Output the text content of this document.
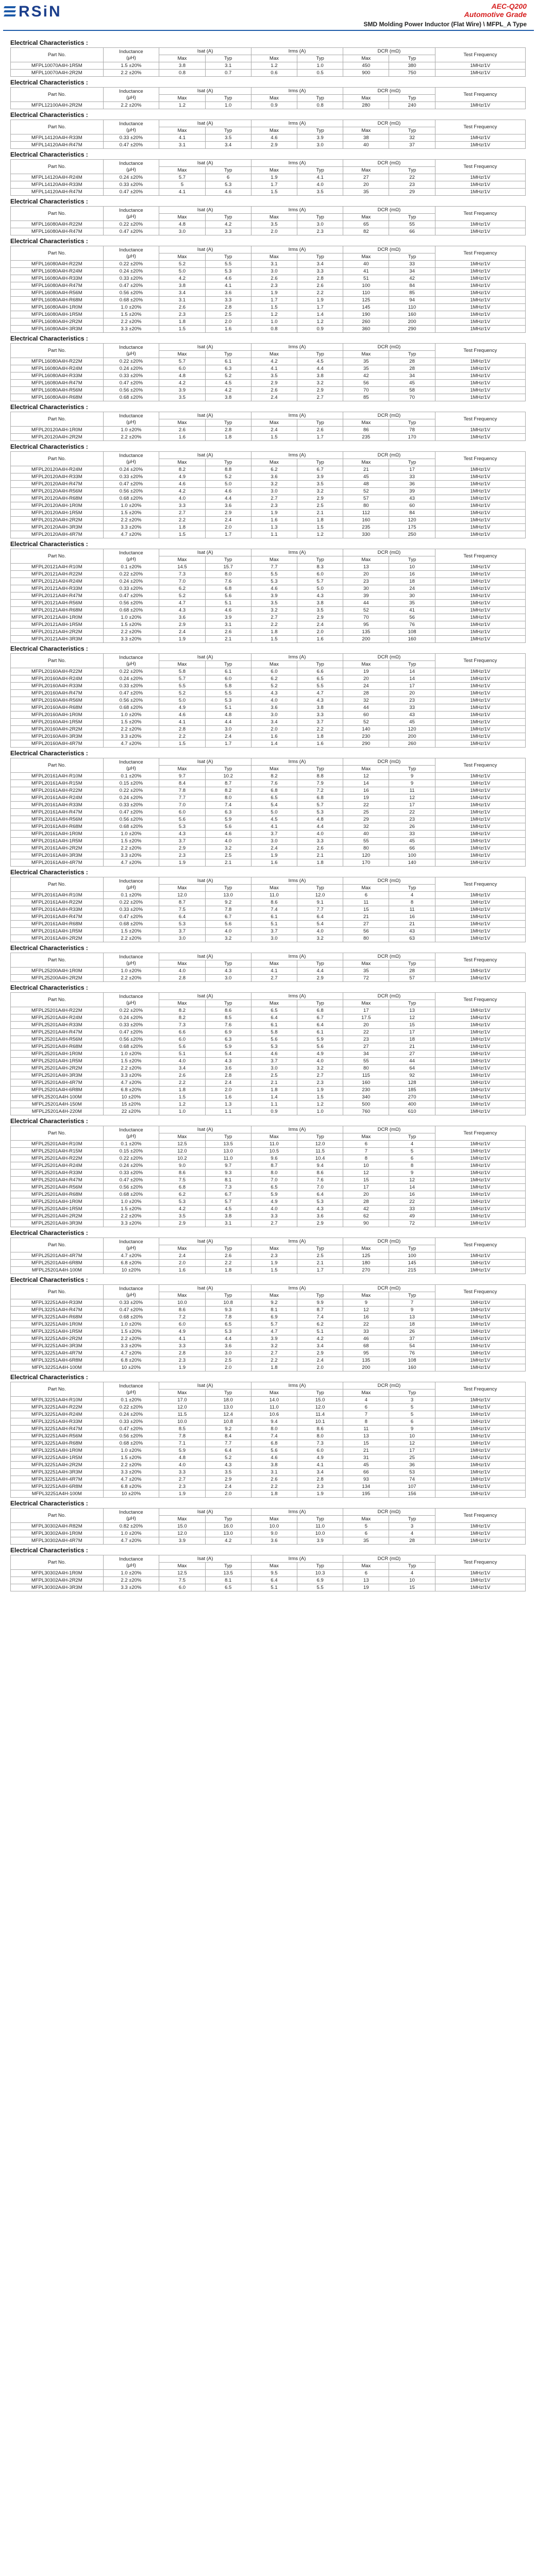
RSiN	AEC-Q200
Automotive Grade
SMD Molding Power Inductor (Flat Wire) \ MFPL_A Type
Electrical Characteristics :
Part No.	Inductance
(μH)	Isat (A)		Irms (A)		DCR (mΩ)		Test Frequency
		Max	Typ	Max	Typ	Max	Typ	
MFPL10070A4H-1R5M	1.5 ±20%	3.8	3.1	1.2	1.0	450	380	1MHz/1V
MFPL10070A4H-2R2M	2.2 ±20%	0.8	0.7	0.6	0.5	900	750	1MHz/1V
Electrical Characteristics :
Part No.	Inductance
(μH)	Isat (A)		Irms (A)		DCR (mΩ)		Test Frequency
		Max	Typ	Max	Typ	Max	Typ	
MFPL12100A4H-2R2M	2.2 ±20%	1.2	1.0	0.9	0.8	280	240	1MHz/1V
Electrical Characteristics :
Part No.	Inductance
(μH)	Isat (A)		Irms (A)		DCR (mΩ)		Test Frequency
		Max	Typ	Max	Typ	Max	Typ	
MFPL14120A4H-R33M	0.33 ±20%	4.1	3.5	4.6	3.9	38	32	1MHz/1V
MFPL14120A4H-R47M	0.47 ±20%	3.1	3.4	2.9	3.0	40	37	1MHz/1V
Electrical Characteristics :
Part No.	Inductance
(μH)	Isat (A)		Irms (A)		DCR (mΩ)		Test Frequency
		Max	Typ	Max	Typ	Max	Typ	
MFPL14120A4H-R24M	0.24 ±20%	5.7	6	1.9	4.1	27	22	1MHz/1V
MFPL14120A4H-R33M	0.33 ±20%	5	5.3	1.7	4.0	20	23	1MHz/1V
MFPL14120A4H-R47M	0.47 ±20%	4.1	4.6	1.5	3.5	35	29	1MHz/1V
Electrical Characteristics :
Part No.	Inductance
(μH)	Isat (A)		Irms (A)		DCR (mΩ)		Test Frequency
		Max	Typ	Max	Typ	Max	Typ	
MFPL16080A4H-R22M	0.22 ±20%	4.8	4.2	3.5	3.0	65	55	1MHz/1V
MFPL16080A4H-R47M	0.47 ±20%	3.0	3.3	2.0	2.3	82	66	1MHz/1V
Electrical Characteristics :
Part No.	Inductance
(μH)	Isat (A)		Irms (A)		DCR (mΩ)		Test Frequency
		Max	Typ	Max	Typ	Max	Typ	
MFPL16080A4H-R22M	0.22 ±20%	5.2	5.5	3.1	3.4	40	33	1MHz/1V
MFPL16080A4H-R24M	0.24 ±20%	5.0	5.3	3.0	3.3	41	34	1MHz/1V
MFPL16080A4H-R33M	0.33 ±20%	4.2	4.6	2.6	2.8	51	42	1MHz/1V
MFPL16080A4H-R47M	0.47 ±20%	3.8	4.1	2.3	2.6	100	84	1MHz/1V
MFPL16080A4H-R56M	0.56 ±20%	3.4	3.6	1.9	2.2	110	85	1MHz/1V
MFPL16080A4H-R68M	0.68 ±20%	3.1	3.3	1.7	1.9	125	94	1MHz/1V
MFPL16080A4H-1R0M	1.0 ±20%	2.6	2.8	1.5	1.7	145	110	1MHz/1V
MFPL16080A4H-1R5M	1.5 ±20%	2.3	2.5	1.2	1.4	190	160	1MHz/1V
MFPL16080A4H-2R2M	2.2 ±20%	1.8	2.0	1.0	1.2	260	200	1MHz/1V
MFPL16080A4H-3R3M	3.3 ±20%	1.5	1.6	0.8	0.9	360	290	1MHz/1V
Electrical Characteristics :
Part No.	Inductance
(μH)	Isat (A)		Irms (A)		DCR (mΩ)		Test Frequency
		Max	Typ	Max	Typ	Max	Typ	
MFPL16080A4H-R22M	0.22 ±20%	5.7	6.1	4.2	4.5	35	28	1MHz/1V
MFPL16080A4H-R24M	0.24 ±20%	6.0	6.3	4.1	4.4	35	28	1MHz/1V
MFPL16080A4H-R33M	0.33 ±20%	4.8	5.2	3.5	3.8	42	34	1MHz/1V
MFPL16080A4H-R47M	0.47 ±20%	4.2	4.5	2.9	3.2	56	45	1MHz/1V
MFPL16080A4H-R56M	0.56 ±20%	3.9	4.2	2.6	2.9	70	58	1MHz/1V
MFPL16080A4H-R68M	0.68 ±20%	3.5	3.8	2.4	2.7	85	70	1MHz/1V
Electrical Characteristics :
Part No.	Inductance
(μH)	Isat (A)		Irms (A)		DCR (mΩ)		Test Frequency
		Max	Typ	Max	Typ	Max	Typ	
MFPL20120A4H-1R0M	1.0 ±20%	2.6	2.8	2.4	2.6	86	78	1MHz/1V
MFPL20120A4H-2R2M	2.2 ±20%	1.6	1.8	1.5	1.7	235	170	1MHz/1V
Electrical Characteristics :
Part No.	Inductance
(μH)	Isat (A)		Irms (A)		DCR (mΩ)		Test Frequency
		Max	Typ	Max	Typ	Max	Typ	
MFPL20120A4H-R24M	0.24 ±20%	8.2	8.8	6.2	6.7	21	17	1MHz/1V
MFPL20120A4H-R33M	0.33 ±20%	4.9	5.2	3.6	3.9	45	33	1MHz/1V
MFPL20120A4H-R47M	0.47 ±20%	4.6	5.0	3.2	3.5	48	36	1MHz/1V
MFPL20120A4H-R56M	0.56 ±20%	4.2	4.6	3.0	3.2	52	39	1MHz/1V
MFPL20120A4H-R68M	0.68 ±20%	4.0	4.4	2.7	2.9	57	43	1MHz/1V
MFPL20120A4H-1R0M	1.0 ±20%	3.3	3.6	2.3	2.5	80	60	1MHz/1V
MFPL20120A4H-1R5M	1.5 ±20%	2.7	2.9	1.9	2.1	112	84	1MHz/1V
MFPL20120A4H-2R2M	2.2 ±20%	2.2	2.4	1.6	1.8	160	120	1MHz/1V
MFPL20120A4H-3R3M	3.3 ±20%	1.8	2.0	1.3	1.5	235	175	1MHz/1V
MFPL20120A4H-4R7M	4.7 ±20%	1.5	1.7	1.1	1.2	330	250	1MHz/1V
Electrical Characteristics :
Part No.	Inductance
(μH)	Isat (A)		Irms (A)		DCR (mΩ)		Test Frequency
		Max	Typ	Max	Typ	Max	Typ	
MFPL20121A4H-R10M	0.1 ±20%	14.5	15.7	7.7	8.3	13	10	1MHz/1V
MFPL20121A4H-R22M	0.22 ±20%	7.3	8.0	5.5	6.0	20	16	1MHz/1V
MFPL20121A4H-R24M	0.24 ±20%	7.0	7.6	5.3	5.7	23	18	1MHz/1V
MFPL20121A4H-R33M	0.33 ±20%	6.2	6.8	4.6	5.0	30	24	1MHz/1V
MFPL20121A4H-R47M	0.47 ±20%	5.2	5.6	3.9	4.3	39	30	1MHz/1V
MFPL20121A4H-R56M	0.56 ±20%	4.7	5.1	3.5	3.8	44	35	1MHz/1V
MFPL20121A4H-R68M	0.68 ±20%	4.3	4.6	3.2	3.5	52	41	1MHz/1V
MFPL20121A4H-1R0M	1.0 ±20%	3.6	3.9	2.7	2.9	70	56	1MHz/1V
MFPL20121A4H-1R5M	1.5 ±20%	2.9	3.1	2.2	2.4	95	76	1MHz/1V
MFPL20121A4H-2R2M	2.2 ±20%	2.4	2.6	1.8	2.0	135	108	1MHz/1V
MFPL20121A4H-3R3M	3.3 ±20%	1.9	2.1	1.5	1.6	200	160	1MHz/1V
Electrical Characteristics :
Part No.	Inductance
(μH)	Isat (A)		Irms (A)		DCR (mΩ)		Test Frequency
		Max	Typ	Max	Typ	Max	Typ	
MFPL20160A4H-R22M	0.22 ±20%	5.8	6.1	6.0	6.6	19	14	1MHz/1V
MFPL20160A4H-R24M	0.24 ±20%	5.7	6.0	6.2	6.5	20	14	1MHz/1V
MFPL20160A4H-R33M	0.33 ±20%	5.5	5.8	5.2	5.5	24	17	1MHz/1V
MFPL20160A4H-R47M	0.47 ±20%	5.2	5.5	4.3	4.7	28	20	1MHz/1V
MFPL20160A4H-R56M	0.56 ±20%	5.0	5.3	4.0	4.3	32	23	1MHz/1V
MFPL20160A4H-R68M	0.68 ±20%	4.9	5.1	3.6	3.8	44	33	1MHz/1V
MFPL20160A4H-1R0M	1.0 ±20%	4.6	4.8	3.0	3.3	60	43	1MHz/1V
MFPL20160A4H-1R5M	1.5 ±20%	4.1	4.4	3.4	3.7	52	45	1MHz/1V
MFPL20160A4H-2R2M	2.2 ±20%	2.8	3.0	2.0	2.2	140	120	1MHz/1V
MFPL20160A4H-3R3M	3.3 ±20%	2.2	2.4	1.6	1.8	230	200	1MHz/1V
MFPL20160A4H-4R7M	4.7 ±20%	1.5	1.7	1.4	1.6	290	260	1MHz/1V
Electrical Characteristics :
Part No.	Inductance
(μH)	Isat (A)		Irms (A)		DCR (mΩ)		Test Frequency
		Max	Typ	Max	Typ	Max	Typ	
MFPL20161A4H-R10M	0.1 ±20%	9.7	10.2	8.2	8.8	12	9	1MHz/1V
MFPL20161A4H-R15M	0.15 ±20%	8.4	8.7	7.6	7.9	14	9	1MHz/1V
MFPL20161A4H-R22M	0.22 ±20%	7.8	8.2	6.8	7.2	16	11	1MHz/1V
MFPL20161A4H-R24M	0.24 ±20%	7.7	8.0	6.5	6.8	19	12	1MHz/1V
MFPL20161A4H-R33M	0.33 ±20%	7.0	7.4	5.4	5.7	22	17	1MHz/1V
MFPL20161A4H-R47M	0.47 ±20%	6.0	6.3	5.0	5.3	25	22	1MHz/1V
MFPL20161A4H-R56M	0.56 ±20%	5.6	5.9	4.5	4.8	29	23	1MHz/1V
MFPL20161A4H-R68M	0.68 ±20%	5.3	5.6	4.1	4.4	32	26	1MHz/1V
MFPL20161A4H-1R0M	1.0 ±20%	4.3	4.6	3.7	4.0	40	33	1MHz/1V
MFPL20161A4H-1R5M	1.5 ±20%	3.7	4.0	3.0	3.3	55	45	1MHz/1V
MFPL20161A4H-2R2M	2.2 ±20%	2.9	3.2	2.4	2.6	80	66	1MHz/1V
MFPL20161A4H-3R3M	3.3 ±20%	2.3	2.5	1.9	2.1	120	100	1MHz/1V
MFPL20161A4H-4R7M	4.7 ±20%	1.9	2.1	1.6	1.8	170	140	1MHz/1V
Electrical Characteristics :
Part No.	Inductance
(μH)	Isat (A)		Irms (A)		DCR (mΩ)		Test Frequency
		Max	Typ	Max	Typ	Max	Typ	
MFPL20161A4H-R10M	0.1 ±20%	12.0	13.0	11.0	12.0	6	4	1MHz/1V
MFPL20161A4H-R22M	0.22 ±20%	8.7	9.2	8.6	9.1	11	8	1MHz/1V
MFPL20161A4H-R33M	0.33 ±20%	7.5	7.8	7.4	7.7	15	11	1MHz/1V
MFPL20161A4H-R47M	0.47 ±20%	6.4	6.7	6.1	6.4	21	16	1MHz/1V
MFPL20161A4H-R68M	0.68 ±20%	5.3	5.6	5.1	5.4	27	21	1MHz/1V
MFPL20161A4H-1R5M	1.5 ±20%	3.7	4.0	3.7	4.0	56	43	1MHz/1V
MFPL20161A4H-2R2M	2.2 ±20%	3.0	3.2	3.0	3.2	80	63	1MHz/1V
Electrical Characteristics :
Part No.	Inductance
(μH)	Isat (A)		Irms (A)		DCR (mΩ)		Test Frequency
		Max	Typ	Max	Typ	Max	Typ	
MFPL25200A4H-1R0M	1.0 ±20%	4.0	4.3	4.1	4.4	35	28	1MHz/1V
MFPL25200A4H-2R2M	2.2 ±20%	2.8	3.0	2.7	2.9	72	57	1MHz/1V
Electrical Characteristics :
Part No.	Inductance
(μH)	Isat (A)		Irms (A)		DCR (mΩ)		Test Frequency
		Max	Typ	Max	Typ	Max	Typ	
MFPL25201A4H-R22M	0.22 ±20%	8.2	8.6	6.5	6.8	17	13	1MHz/1V
MFPL25201A4H-R24M	0.24 ±20%	8.2	8.5	6.4	6.7	17.5	12	1MHz/1V
MFPL25201A4H-R33M	0.33 ±20%	7.3	7.6	6.1	6.4	20	15	1MHz/1V
MFPL25201A4H-R47M	0.47 ±20%	6.6	6.9	5.8	6.1	22	17	1MHz/1V
MFPL25201A4H-R56M	0.56 ±20%	6.0	6.3	5.6	5.9	23	18	1MHz/1V
MFPL25201A4H-R68M	0.68 ±20%	5.6	5.9	5.3	5.6	27	21	1MHz/1V
MFPL25201A4H-1R0M	1.0 ±20%	5.1	5.4	4.6	4.9	34	27	1MHz/1V
MFPL25201A4H-1R5M	1.5 ±20%	4.0	4.3	3.7	4.0	55	44	1MHz/1V
MFPL25201A4H-2R2M	2.2 ±20%	3.4	3.6	3.0	3.2	80	64	1MHz/1V
MFPL25201A4H-3R3M	3.3 ±20%	2.6	2.8	2.5	2.7	115	92	1MHz/1V
MFPL25201A4H-4R7M	4.7 ±20%	2.2	2.4	2.1	2.3	160	128	1MHz/1V
MFPL25201A4H-6R8M	6.8 ±20%	1.8	2.0	1.8	1.9	230	185	1MHz/1V
MFPL25201A4H-100M	10 ±20%	1.5	1.6	1.4	1.5	340	270	1MHz/1V
MFPL25201A4H-150M	15 ±20%	1.2	1.3	1.1	1.2	500	400	1MHz/1V
MFPL25201A4H-220M	22 ±20%	1.0	1.1	0.9	1.0	760	610	1MHz/1V
Electrical Characteristics :
Part No.	Inductance
(μH)	Isat (A)		Irms (A)		DCR (mΩ)		Test Frequency
		Max	Typ	Max	Typ	Max	Typ	
MFPL25201A4H-R10M	0.1 ±20%	12.5	13.5	11.0	12.0	6	4	1MHz/1V
MFPL25201A4H-R15M	0.15 ±20%	12.0	13.0	10.5	11.5	7	5	1MHz/1V
MFPL25201A4H-R22M	0.22 ±20%	10.2	11.0	9.6	10.4	8	6	1MHz/1V
MFPL25201A4H-R24M	0.24 ±20%	9.0	9.7	8.7	9.4	10	8	1MHz/1V
MFPL25201A4H-R33M	0.33 ±20%	8.6	9.3	8.0	8.6	12	9	1MHz/1V
MFPL25201A4H-R47M	0.47 ±20%	7.5	8.1	7.0	7.6	15	12	1MHz/1V
MFPL25201A4H-R56M	0.56 ±20%	6.8	7.3	6.5	7.0	17	14	1MHz/1V
MFPL25201A4H-R68M	0.68 ±20%	6.2	6.7	5.9	6.4	20	16	1MHz/1V
MFPL25201A4H-1R0M	1.0 ±20%	5.3	5.7	4.9	5.3	28	22	1MHz/1V
MFPL25201A4H-1R5M	1.5 ±20%	4.2	4.5	4.0	4.3	42	33	1MHz/1V
MFPL25201A4H-2R2M	2.2 ±20%	3.5	3.8	3.3	3.6	62	49	1MHz/1V
MFPL25201A4H-3R3M	3.3 ±20%	2.9	3.1	2.7	2.9	90	72	1MHz/1V
Electrical Characteristics :
Part No.	Inductance
(μH)	Isat (A)		Irms (A)		DCR (mΩ)		Test Frequency
		Max	Typ	Max	Typ	Max	Typ	
MFPL25201A4H-4R7M	4.7 ±20%	2.4	2.6	2.3	2.5	125	100	1MHz/1V
MFPL25201A4H-6R8M	6.8 ±20%	2.0	2.2	1.9	2.1	180	145	1MHz/1V
MFPL25201A4H-100M	10 ±20%	1.6	1.8	1.5	1.7	270	215	1MHz/1V
Electrical Characteristics :
Part No.	Inductance
(μH)	Isat (A)		Irms (A)		DCR (mΩ)		Test Frequency
		Max	Typ	Max	Typ	Max	Typ	
MFPL32251A4H-R33M	0.33 ±20%	10.0	10.8	9.2	9.9	9	7	1MHz/1V
MFPL32251A4H-R47M	0.47 ±20%	8.6	9.3	8.1	8.7	12	9	1MHz/1V
MFPL32251A4H-R68M	0.68 ±20%	7.2	7.8	6.9	7.4	16	13	1MHz/1V
MFPL32251A4H-1R0M	1.0 ±20%	6.0	6.5	5.7	6.2	22	18	1MHz/1V
MFPL32251A4H-1R5M	1.5 ±20%	4.9	5.3	4.7	5.1	33	26	1MHz/1V
MFPL32251A4H-2R2M	2.2 ±20%	4.1	4.4	3.9	4.2	46	37	1MHz/1V
MFPL32251A4H-3R3M	3.3 ±20%	3.3	3.6	3.2	3.4	68	54	1MHz/1V
MFPL32251A4H-4R7M	4.7 ±20%	2.8	3.0	2.7	2.9	95	76	1MHz/1V
MFPL32251A4H-6R8M	6.8 ±20%	2.3	2.5	2.2	2.4	135	108	1MHz/1V
MFPL32251A4H-100M	10 ±20%	1.9	2.0	1.8	2.0	200	160	1MHz/1V
Electrical Characteristics :
Part No.	Inductance
(μH)	Isat (A)		Irms (A)		DCR (mΩ)		Test Frequency
		Max	Typ	Max	Typ	Max	Typ	
MFPL32251A4H-R10M	0.1 ±20%	17.0	18.0	14.0	15.0	4	3	1MHz/1V
MFPL32251A4H-R22M	0.22 ±20%	12.0	13.0	11.0	12.0	6	5	1MHz/1V
MFPL32251A4H-R24M	0.24 ±20%	11.5	12.4	10.6	11.4	7	5	1MHz/1V
MFPL32251A4H-R33M	0.33 ±20%	10.0	10.8	9.4	10.1	8	6	1MHz/1V
MFPL32251A4H-R47M	0.47 ±20%	8.5	9.2	8.0	8.6	11	9	1MHz/1V
MFPL32251A4H-R56M	0.56 ±20%	7.8	8.4	7.4	8.0	13	10	1MHz/1V
MFPL32251A4H-R68M	0.68 ±20%	7.1	7.7	6.8	7.3	15	12	1MHz/1V
MFPL32251A4H-1R0M	1.0 ±20%	5.9	6.4	5.6	6.0	21	17	1MHz/1V
MFPL32251A4H-1R5M	1.5 ±20%	4.8	5.2	4.6	4.9	31	25	1MHz/1V
MFPL32251A4H-2R2M	2.2 ±20%	4.0	4.3	3.8	4.1	45	36	1MHz/1V
MFPL32251A4H-3R3M	3.3 ±20%	3.3	3.5	3.1	3.4	66	53	1MHz/1V
MFPL32251A4H-4R7M	4.7 ±20%	2.7	2.9	2.6	2.8	93	74	1MHz/1V
MFPL32251A4H-6R8M	6.8 ±20%	2.3	2.4	2.2	2.3	134	107	1MHz/1V
MFPL32251A4H-100M	10 ±20%	1.9	2.0	1.8	1.9	195	156	1MHz/1V
Electrical Characteristics :
Part No.	Inductance
(μH)	Isat (A)		Irms (A)		DCR (mΩ)		Test Frequency
		Max	Typ	Max	Typ	Max	Typ	
MFPL30302A4H-R82M	0.82 ±20%	15.0	16.0	10.0	11.0	5	3	1MHz/1V
MFPL30302A4H-1R0M	1.0 ±20%	12.0	13.0	9.0	10.0	6	4	1MHz/1V
MFPL30302A4H-4R7M	4.7 ±20%	3.9	4.2	3.6	3.9	35	28	1MHz/1V
Electrical Characteristics :
Part No.	Inductance
(μH)	Isat (A)		Irms (A)		DCR (mΩ)		Test Frequency
		Max	Typ	Max	Typ	Max	Typ	
MFPL30302A4H-1R0M	1.0 ±20%	12.5	13.5	9.5	10.3	6	4	1MHz/1V
MFPL30302A4H-2R2M	2.2 ±20%	7.5	8.1	6.4	6.9	13	10	1MHz/1V
MFPL30302A4H-3R3M	3.3 ±20%	6.0	6.5	5.1	5.5	19	15	1MHz/1V
